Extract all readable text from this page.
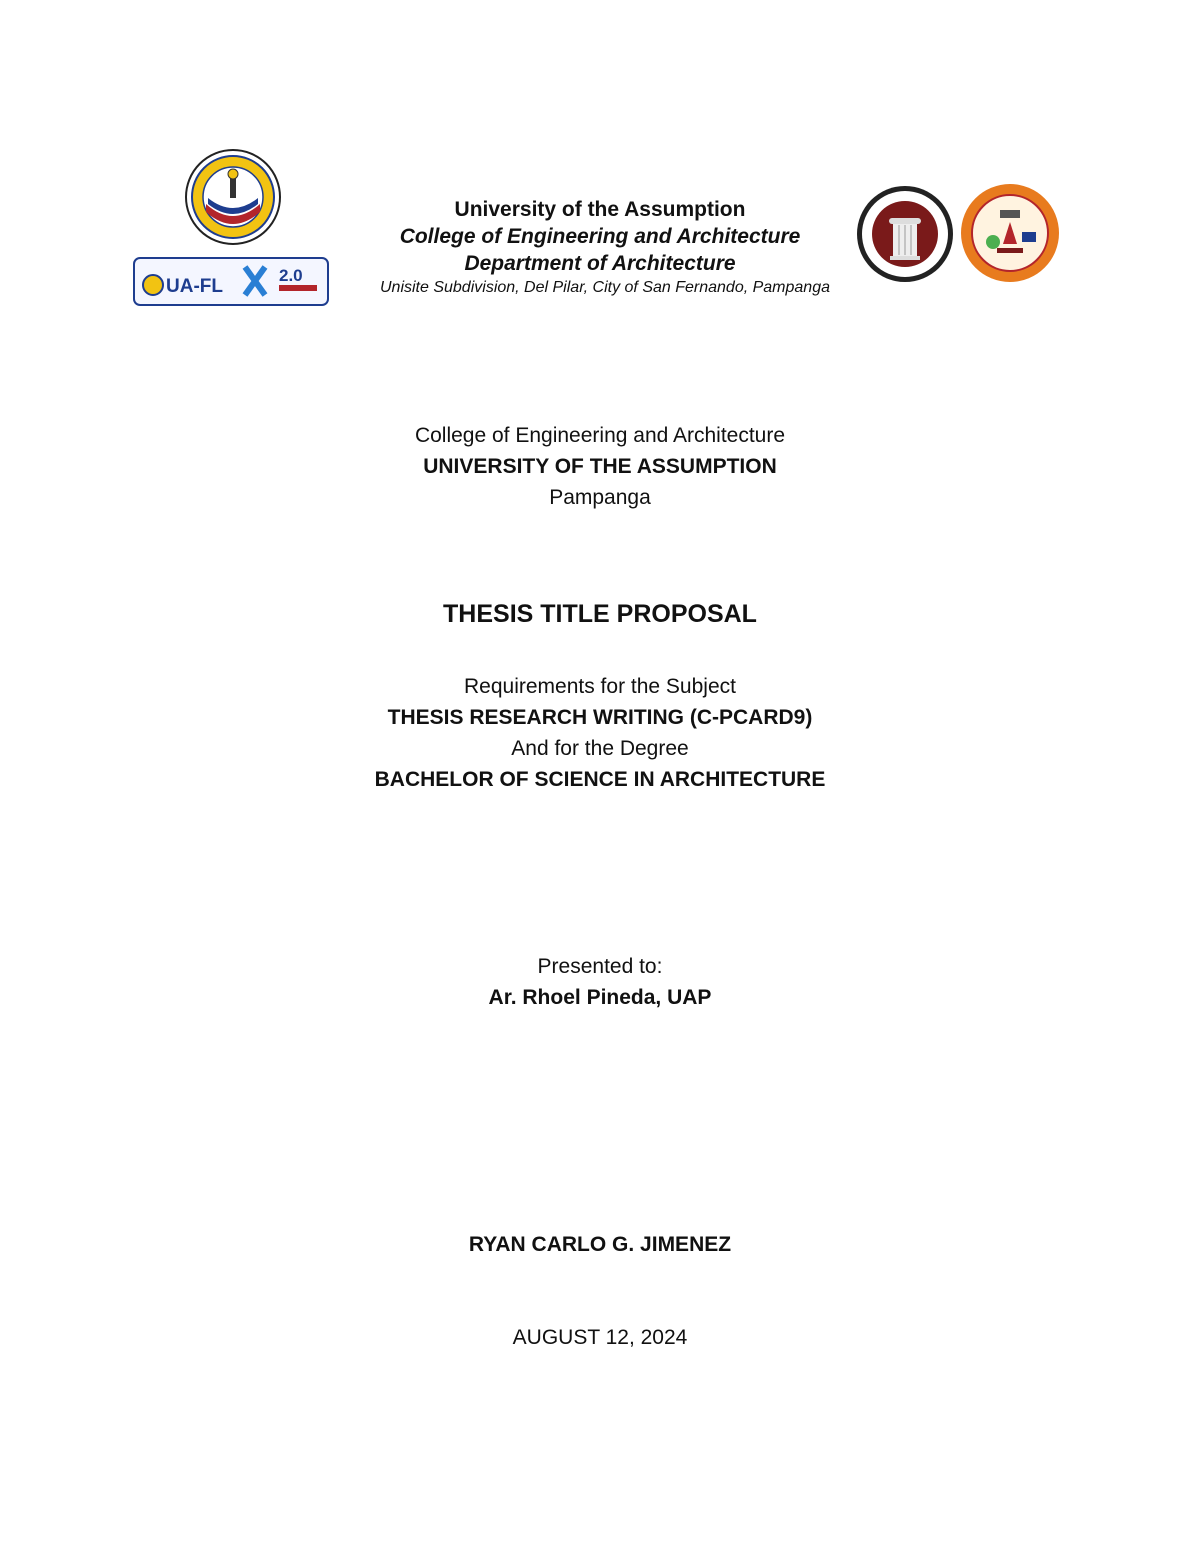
UA-FL
2.0
University of the Assumption
College of Engineering and Architecture
Department of Architecture
Unisite Subdivision, Del Pilar, City of San Fernando, Pampanga
College of Engineering and Architecture
UNIVERSITY OF THE ASSUMPTION
Pampanga
THESIS TITLE PROPOSAL
Requirements for the Subject
THESIS RESEARCH WRITING (C-PCARD9)
And for the Degree
BACHELOR OF SCIENCE IN ARCHITECTURE
Presented to:
Ar. Rhoel Pineda, UAP
RYAN CARLO G. JIMENEZ
AUGUST 12, 2024
